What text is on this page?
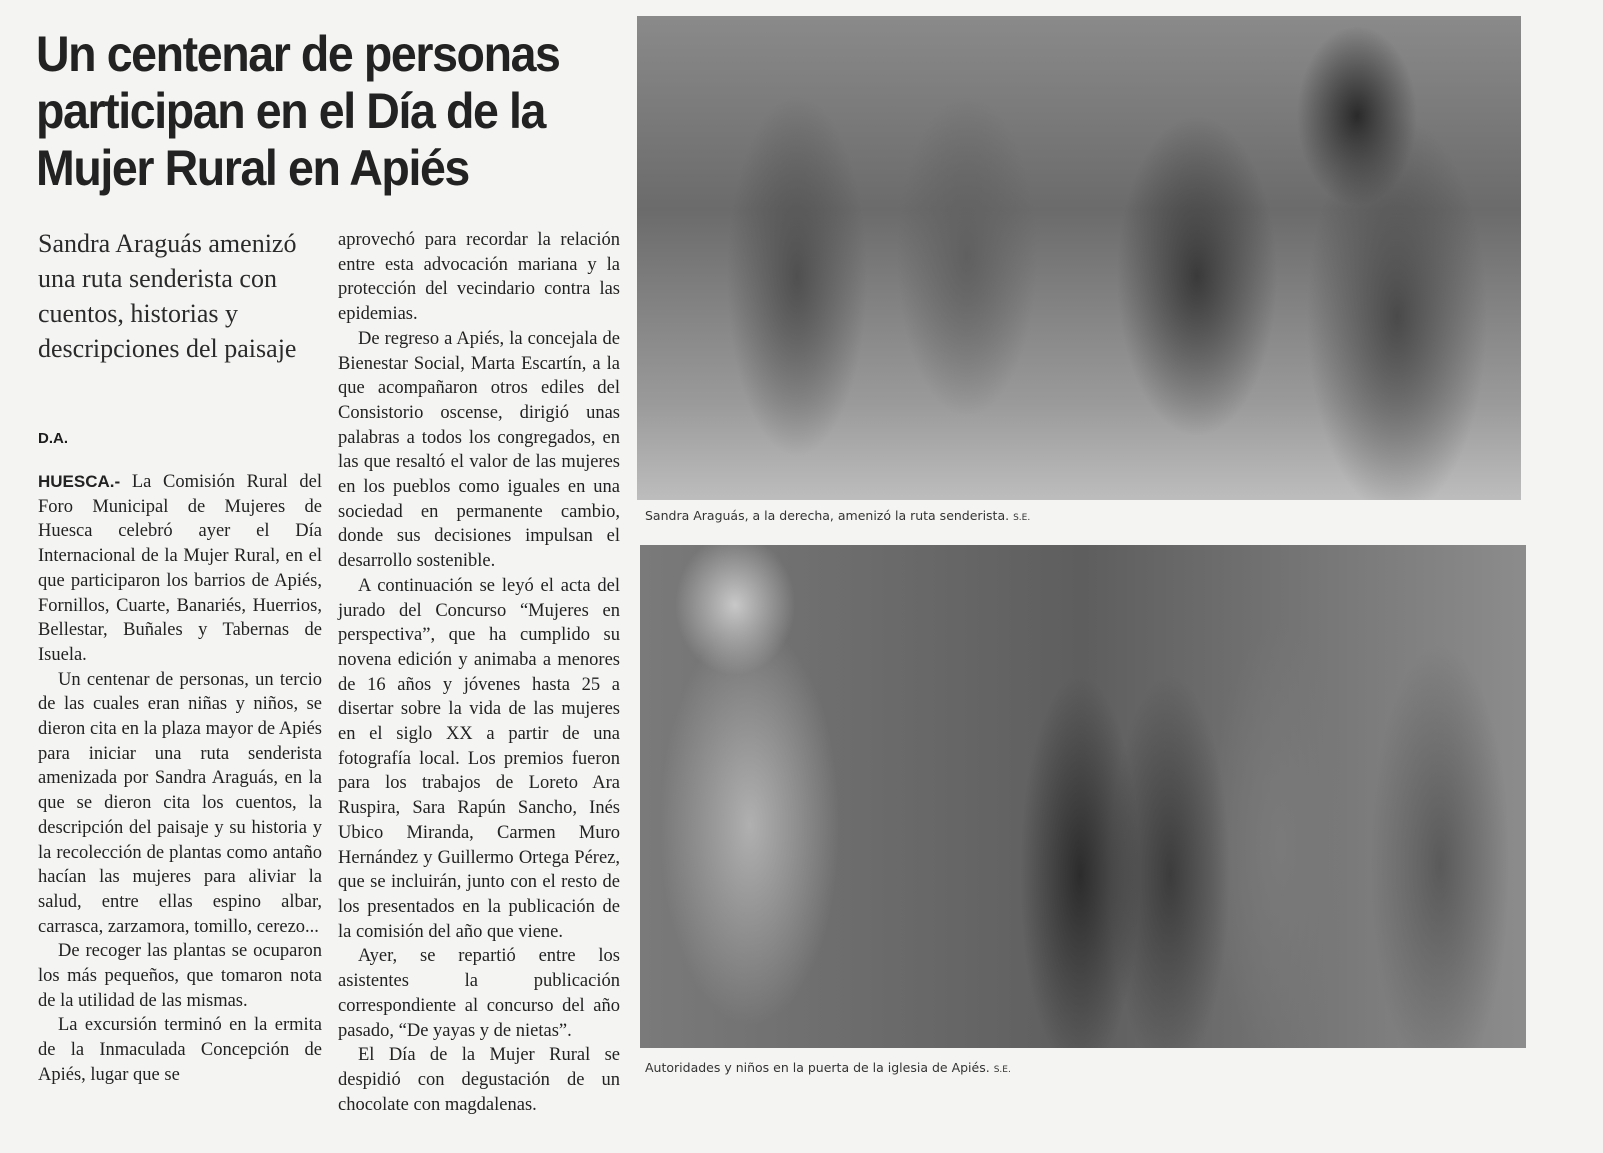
Un centenar de personas participan en el Día de la Mujer Rural en Apiés

Sandra Araguás amenizó una ruta senderista con cuentos, historias y descripciones del paisaje

D.A.

HUESCA.- La Comisión Rural del Foro Municipal de Mujeres de Huesca celebró ayer el Día Internacional de la Mujer Rural, en el que participaron los barrios de Apiés, Fornillos, Cuarte, Banariés, Huerrios, Bellestar, Buñales y Tabernas de Isuela.

Un centenar de personas, un tercio de las cuales eran niñas y niños, se dieron cita en la plaza mayor de Apiés para iniciar una ruta senderista amenizada por Sandra Araguás, en la que se dieron cita los cuentos, la descripción del paisaje y su historia y la recolección de plantas como antaño hacían las mujeres para aliviar la salud, entre ellas espino albar, carrasca, zarzamora, tomillo, cerezo...

De recoger las plantas se ocuparon los más pequeños, que tomaron nota de la utilidad de las mismas.

La excursión terminó en la ermita de la Inmaculada Concepción de Apiés, lugar que se

aprovechó para recordar la relación entre esta advocación mariana y la protección del vecindario contra las epidemias.

De regreso a Apiés, la concejala de Bienestar Social, Marta Escartín, a la que acompañaron otros ediles del Consistorio oscense, dirigió unas palabras a todos los congregados, en las que resaltó el valor de las mujeres en los pueblos como iguales en una sociedad en permanente cambio, donde sus decisiones impulsan el desarrollo sostenible.

A continuación se leyó el acta del jurado del Concurso “Mujeres en perspectiva”, que ha cumplido su novena edición y animaba a menores de 16 años y jóvenes hasta 25 a disertar sobre la vida de las mujeres en el siglo XX a partir de una fotografía local. Los premios fueron para los trabajos de Loreto Ara Ruspira, Sara Rapún Sancho, Inés Ubico Miranda, Carmen Muro Hernández y Guillermo Ortega Pérez, que se incluirán, junto con el resto de los presentados en la publicación de la comisión del año que viene.

Ayer, se repartió entre los asistentes la publicación correspondiente al concurso del año pasado, “De yayas y de nietas”.

El Día de la Mujer Rural se despidió con degustación de un chocolate con magdalenas.

Sandra Araguás, a la derecha, amenizó la ruta senderista. S.E.
Autoridades y niños en la puerta de la iglesia de Apiés. S.E.
